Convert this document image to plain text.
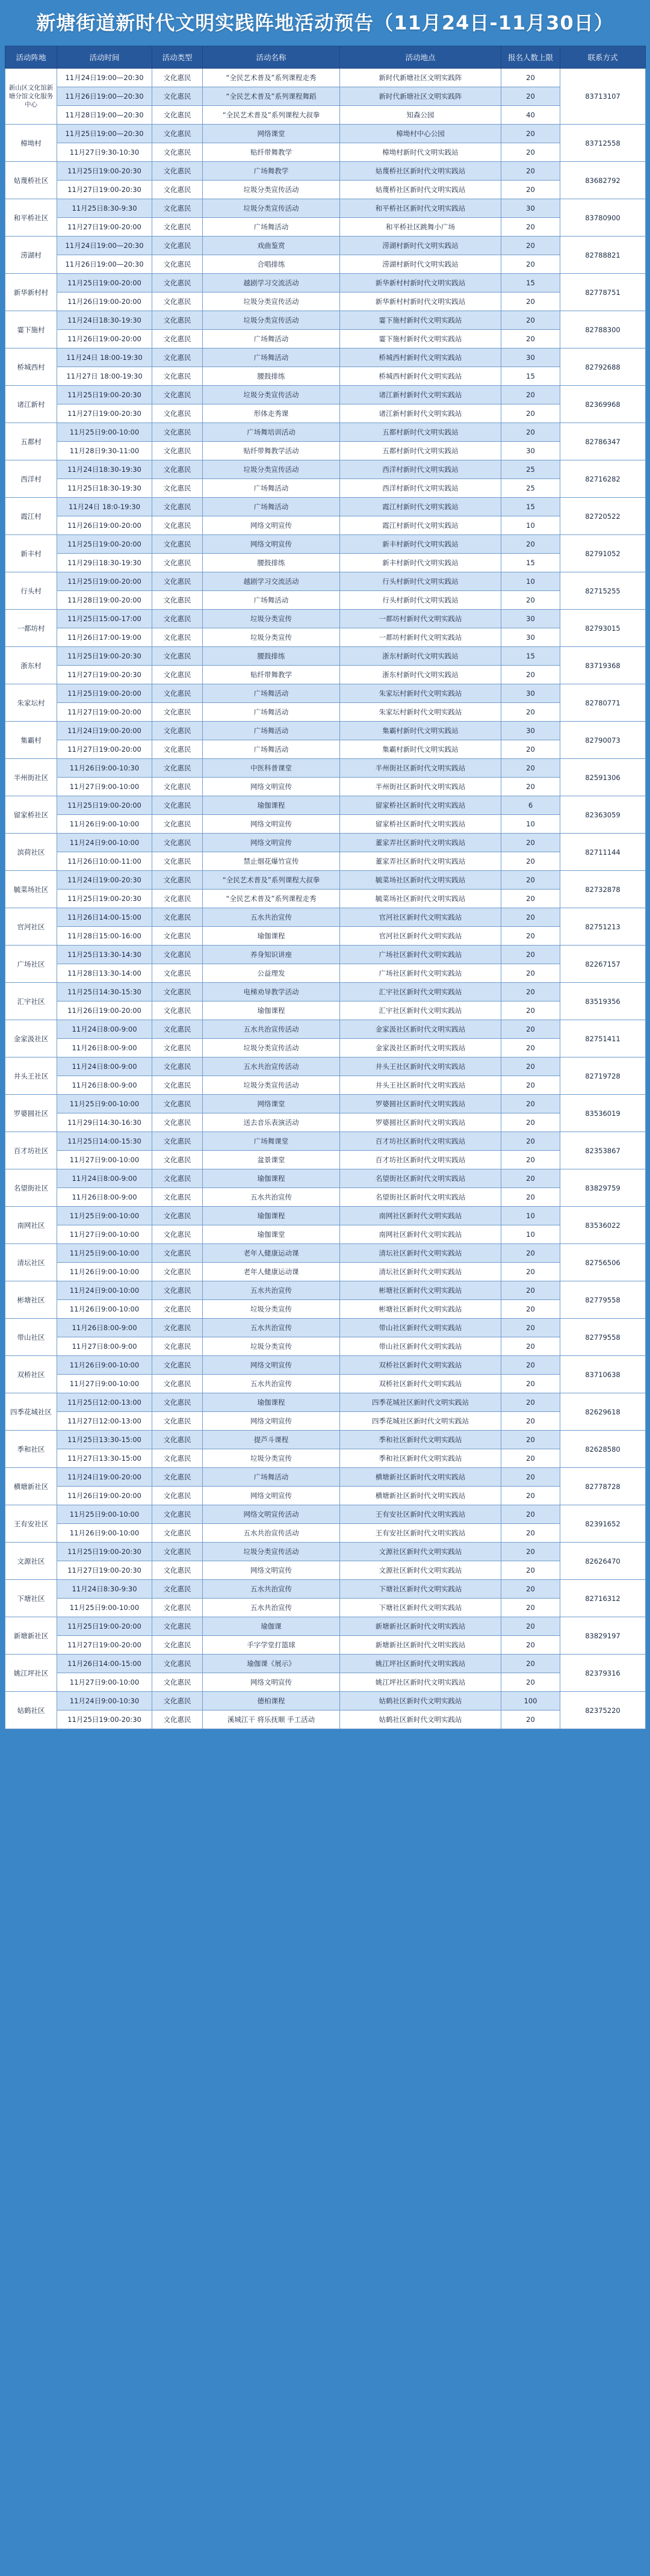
新塘街道新时代文明实践阵地活动预告（11月24日-11月30日）
活动阵地	活动时间	活动类型	活动名称	活动地点	报名人数上限	联系方式
新山区文化馆新塘分馆文化服务中心	11月24日19:00—20:30	文化惠民	“全民艺术普及”系列课程走秀	新时代新塘社区文明实践阵	20	83713107
	11月26日19:00—20:30	文化惠民	“全民艺术普及”系列课程舞蹈	新时代新塘社区文明实践阵	20	
	11月28日19:00—20:30	文化惠民	“全民艺术普及”系列课程大叔拳	知森公园	40	
樟坳村	11月25日19:00—20:30	文化惠民	网络课堂	樟坳村中心公园	20	83712558
	11月27日9:30-10:30	文化惠民	贴纤带舞教学	樟坳村新时代文明实践站	20	
姑蔑桥社区	11月25日19:00-20:30	文化惠民	广场舞教学	姑蔑桥社区新时代文明实践站	20	83682792
	11月27日19:00-20:30	文化惠民	垃圾分类宣传活动	姑蔑桥社区新时代文明实践站	20	
和平桥社区	11月25日8:30-9:30	文化惠民	垃圾分类宣传活动	和平桥社区新时代文明实践站	30	83780900
	11月27日19:00-20:00	文化惠民	广场舞活动	和平桥社区跳舞小广场	20	
涝湖村	11月24日19:00—20:30	文化惠民	戏曲鉴赏	涝湖村新时代文明实践站	20	82788821
	11月26日19:00—20:30	文化惠民	合唱排练	涝湖村新时代文明实践站	20	
新华新村村	11月25日19:00-20:00	文化惠民	越剧学习交流活动	新华新村村新时代文明实践站	15	82778751
	11月26日19:00-20:00	文化惠民	垃圾分类宣传活动	新华新村村新时代文明实践站	20	
霎下施村	11月24日18:30-19:30	文化惠民	垃圾分类宣传活动	霎下施村新时代文明实践站	20	82788300
	11月26日19:00-20:00	文化惠民	广场舞活动	霎下施村新时代文明实践站	20	
桥城西村	11月24日 18:00-19:30	文化惠民	广场舞活动	桥城西村新时代文明实践站	30	82792688
	11月27日 18:00-19:30	文化惠民	腰鼓排练	桥城西村新时代文明实践站	15	
诸江新村	11月25日19:00-20:30	文化惠民	垃圾分类宣传活动	诸江新村新时代文明实践站	20	82369968
	11月27日19:00-20:30	文化惠民	形体走秀课	诸江新村新时代文明实践站	20	
五都村	11月25日9:00-10:00	文化惠民	广场舞培训活动	五都村新时代文明实践站	20	82786347
	11月28日9:30-11:00	文化惠民	贴纤带舞教学活动	五都村新时代文明实践站	30	
西洋村	11月24日18:30-19:30	文化惠民	垃圾分类宣传活动	西洋村新时代文明实践站	25	82716282
	11月25日18:30-19:30	文化惠民	广场舞活动	西洋村新时代文明实践站	25	
霞江村	11月24日 18:0-19:30	文化惠民	广场舞活动	霞江村新时代文明实践站	15	82720522
	11月26日19:00-20:00	文化惠民	网络文明宣传	霞江村新时代文明实践站	10	
新丰村	11月25日19:00-20:00	文化惠民	网络文明宣传	新丰村新时代文明实践站	20	82791052
	11月29日18:30-19:30	文化惠民	腰鼓排练	新丰村新时代文明实践站	15	
行头村	11月25日19:00-20:00	文化惠民	越剧学习交流活动	行头村新时代文明实践站	10	82715255
	11月28日19:00-20:00	文化惠民	广场舞活动	行头村新时代文明实践站	20	
一都坊村	11月25日15:00-17:00	文化惠民	垃圾分类宣传	一都坊村新时代文明实践站	30	82793015
	11月26日17:00-19:00	文化惠民	垃圾分类宣传	一都坊村新时代文明实践站	30	
浙东村	11月25日19:00-20:30	文化惠民	腰鼓排练	浙东村新时代文明实践站	15	83719368
	11月27日19:00-20:30	文化惠民	贴纤带舞教学	浙东村新时代文明实践站	20	
朱家坛村	11月25日19:00-20:00	文化惠民	广场舞活动	朱家坛村新时代文明实践站	30	82780771
	11月27日19:00-20:00	文化惠民	广场舞活动	朱家坛村新时代文明实践站	20	
集霸村	11月24日19:00-20:00	文化惠民	广场舞活动	集霸村新时代文明实践站	30	82790073
	11月27日19:00-20:00	文化惠民	广场舞活动	集霸村新时代文明实践站	20	
半州街社区	11月26日9:00-10:30	文化惠民	中医科普课堂	半州街社区新时代文明实践站	20	82591306
	11月27日9:00-10:00	文化惠民	网络文明宣传	半州街社区新时代文明实践站	20	
留家桥社区	11月25日19:00-20:00	文化惠民	瑜伽课程	留家桥社区新时代文明实践站	6	82363059
	11月26日9:00-10:00	文化惠民	网络文明宣传	留家桥社区新时代文明实践站	10	
滨荷社区	11月24日9:00-10:00	文化惠民	网络文明宣传	董家弄社区新时代文明实践站	20	82711144
	11月26日10:00-11:00	文化惠民	禁止烟花爆竹宣传	董家弄社区新时代文明实践站	20	
毓菜场社区	11月24日19:00-20:30	文化惠民	“全民艺术普及”系列课程大叔拳	毓菜场社区新时代文明实践站	20	82732878
	11月25日19:00-20:30	文化惠民	“全民艺术普及”系列课程走秀	毓菜场社区新时代文明实践站	20	
官河社区	11月26日14:00-15:00	文化惠民	五水共治宣传	官河社区新时代文明实践站	20	82751213
	11月28日15:00-16:00	文化惠民	瑜伽课程	官河社区新时代文明实践站	20	
广场社区	11月25日13:30-14:30	文化惠民	养身知识讲座	广场社区新时代文明实践站	20	82267157
	11月28日13:30-14:00	文化惠民	公益理发	广场社区新时代文明实践站	20	
汇宇社区	11月25日14:30-15:30	文化惠民	电梯劝导教学活动	汇宇社区新时代文明实践站	20	83519356
	11月26日19:00-20:00	文化惠民	瑜伽课程	汇宇社区新时代文明实践站	20	
金家汲社区	11月24日8:00-9:00	文化惠民	五水共治宣传活动	金家汲社区新时代文明实践站	20	82751411
	11月26日8:00-9:00	文化惠民	垃圾分类宣传活动	金家汲社区新时代文明实践站	20	
井头王社区	11月24日8:00-9:00	文化惠民	五水共治宣传活动	井头王社区新时代文明实践站	20	82719728
	11月26日8:00-9:00	文化惠民	垃圾分类宣传活动	井头王社区新时代文明实践站	20	
罗婆圆社区	11月25日9:00-10:00	文化惠民	网络课堂	罗婆圆社区新时代文明实践站	20	83536019
	11月29日14:30-16:30	文化惠民	送去音乐表演活动	罗婆圆社区新时代文明实践站	20	
百才坊社区	11月25日14:00-15:30	文化惠民	广场舞课堂	百才坊社区新时代文明实践站	20	82353867
	11月27日9:00-10:00	文化惠民	盆景课堂	百才坊社区新时代文明实践站	20	
名望街社区	11月24日8:00-9:00	文化惠民	瑜伽课程	名望街社区新时代文明实践站	20	83829759
	11月26日8:00-9:00	文化惠民	五水共治宣传	名望街社区新时代文明实践站	20	
南网社区	11月25日9:00-10:00	文化惠民	瑜伽课程	南网社区新时代文明实践站	10	83536022
	11月27日9:00-10:00	文化惠民	瑜伽课堂	南网社区新时代文明实践站	10	
清坛社区	11月25日9:00-10:00	文化惠民	老年人健康运动课	清坛社区新时代文明实践站	20	82756506
	11月26日9:00-10:00	文化惠民	老年人健康运动课	清坛社区新时代文明实践站	20	
彬塘社区	11月24日9:00-10:00	文化惠民	五水共治宣传	彬塘社区新时代文明实践站	20	82779558
	11月26日9:00-10:00	文化惠民	垃圾分类宣传	彬塘社区新时代文明实践站	20	
带山社区	11月26日8:00-9:00	文化惠民	五水共治宣传	带山社区新时代文明实践站	20	82779558
	11月27日8:00-9:00	文化惠民	垃圾分类宣传	带山社区新时代文明实践站	20	
双桥社区	11月26日9:00-10:00	文化惠民	网络文明宣传	双桥社区新时代文明实践站	20	83710638
	11月27日9:00-10:00	文化惠民	五水共治宣传	双桥社区新时代文明实践站	20	
四季花城社区	11月25日12:00-13:00	文化惠民	瑜伽课程	四季花城社区新时代文明实践站	20	82629618
	11月27日12:00-13:00	文化惠民	网络文明宣传	四季花城社区新时代文明实践站	20	
季和社区	11月25日13:30-15:00	文化惠民	提芦斗课程	季和社区新时代文明实践站	20	82628580
	11月27日13:30-15:00	文化惠民	垃圾分类宣传	季和社区新时代文明实践站	20	
横塘新社区	11月24日19:00-20:00	文化惠民	广场舞活动	横塘新社区新时代文明实践站	20	82778728
	11月26日19:00-20:00	文化惠民	网络文明宣传	横塘新社区新时代文明实践站	20	
王有安社区	11月25日9:00-10:00	文化惠民	网络文明宣传活动	王有安社区新时代文明实践站	20	82391652
	11月26日9:00-10:00	文化惠民	五水共治宣传活动	王有安社区新时代文明实践站	20	
文源社区	11月25日19:00-20:30	文化惠民	垃圾分类宣传活动	文源社区新时代文明实践站	20	82626470
	11月27日19:00-20:30	文化惠民	网络文明宣传	文源社区新时代文明实践站	20	
下塘社区	11月24日8:30-9:30	文化惠民	五水共治宣传	下塘社区新时代文明实践站	20	82716312
	11月25日9:00-10:00	文化惠民	五水共治宣传	下塘社区新时代文明实践站	20	
新塘新社区	11月25日19:00-20:00	文化惠民	瑜伽课	新塘新社区新时代文明实践站	20	83829197
	11月27日19:00-20:00	文化惠民	手字学堂打篮球	新塘新社区新时代文明实践站	20	
姚江坪社区	11月26日14:00-15:00	文化惠民	瑜伽课《展示》	姚江坪社区新时代文明实践站	20	82379316
	11月27日9:00-10:00	文化惠民	网络文明宣传	姚江坪社区新时代文明实践站	20	
姑鹤社区	11月24日9:00-10:30	文化惠民	德柏课程	姑鹤社区新时代文明实践站	100	82375220
	11月25日19:00-20:30	文化惠民	溪城江干 将乐抚顺 手工活动	姑鹤社区新时代文明实践站	20	
